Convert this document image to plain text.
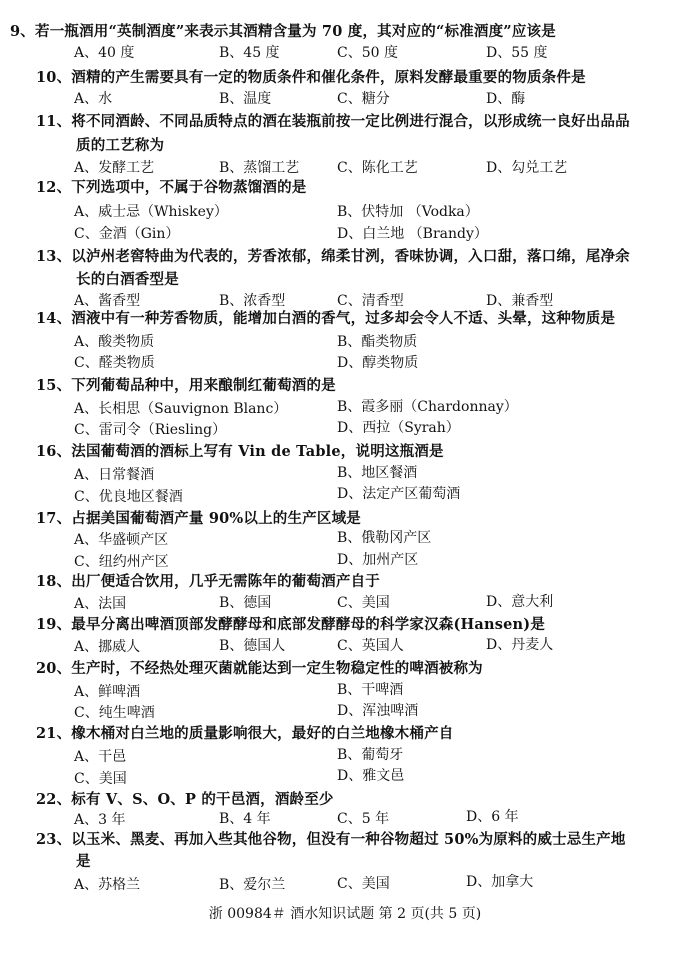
9、若一瓶酒用“英制酒度”来表示其酒精含量为 70 度，其对应的“标准酒度”应该是
A、40 度	B、45 度	C、50 度	D、55 度
10、酒精的产生需要具有一定的物质条件和催化条件，原料发酵最重要的物质条件是
A、水	B、温度	C、糖分	D、酶
11、将不同酒龄、不同品质特点的酒在装瓶前按一定比例进行混合，以形成统一良好出品品
质的工艺称为
A、发酵工艺	B、蒸馏工艺	C、陈化工艺	D、勾兑工艺
12、下列选项中，不属于谷物蒸馏酒的是
A、威士忌（Whiskey）	B、伏特加 （Vodka）
C、金酒（Gin）	D、白兰地 （Brandy）
13、以泸州老窖特曲为代表的，芳香浓郁，绵柔甘洌，香味协调，入口甜，落口绵，尾净余
长的白酒香型是
A、酱香型	B、浓香型	C、清香型	D、兼香型
14、酒液中有一种芳香物质，能增加白酒的香气，过多却会令人不适、头晕，这种物质是
A、酸类物质	B、酯类物质
C、醛类物质	D、醇类物质
15、下列葡萄品种中，用来酿制红葡萄酒的是
A、长相思（Sauvignon Blanc）	B、霞多丽（Chardonnay）
C、雷司令（Riesling）	D、西拉（Syrah）
16、法国葡萄酒的酒标上写有 Vin de Table，说明这瓶酒是
A、日常餐酒	B、地区餐酒
C、优良地区餐酒	D、法定产区葡萄酒
17、占据美国葡萄酒产量 90%以上的生产区域是
A、华盛顿产区	B、俄勒冈产区
C、纽约州产区	D、加州产区
18、出厂便适合饮用，几乎无需陈年的葡萄酒产自于
A、法国	B、德国	C、美国	D、意大利
19、最早分离出啤酒顶部发酵酵母和底部发酵酵母的科学家汉森(Hansen)是
A、挪威人	B、德国人	C、英国人	D、丹麦人
20、生产时，不经热处理灭菌就能达到一定生物稳定性的啤酒被称为
A、鲜啤酒	B、干啤酒
C、纯生啤酒	D、浑浊啤酒
21、橡木桶对白兰地的质量影响很大，最好的白兰地橡木桶产自
A、干邑	B、葡萄牙
C、美国	D、雅文邑
22、标有 V、S、O、P 的干邑酒，酒龄至少
A、3 年	B、4 年	C、5 年	D、6 年
23、以玉米、黑麦、再加入些其他谷物，但没有一种谷物超过 50%为原料的威士忌生产地
是
A、苏格兰	B、爱尔兰	C、美国	D、加拿大
浙 00984＃ 酒水知识试题 第 2 页(共 5 页)
